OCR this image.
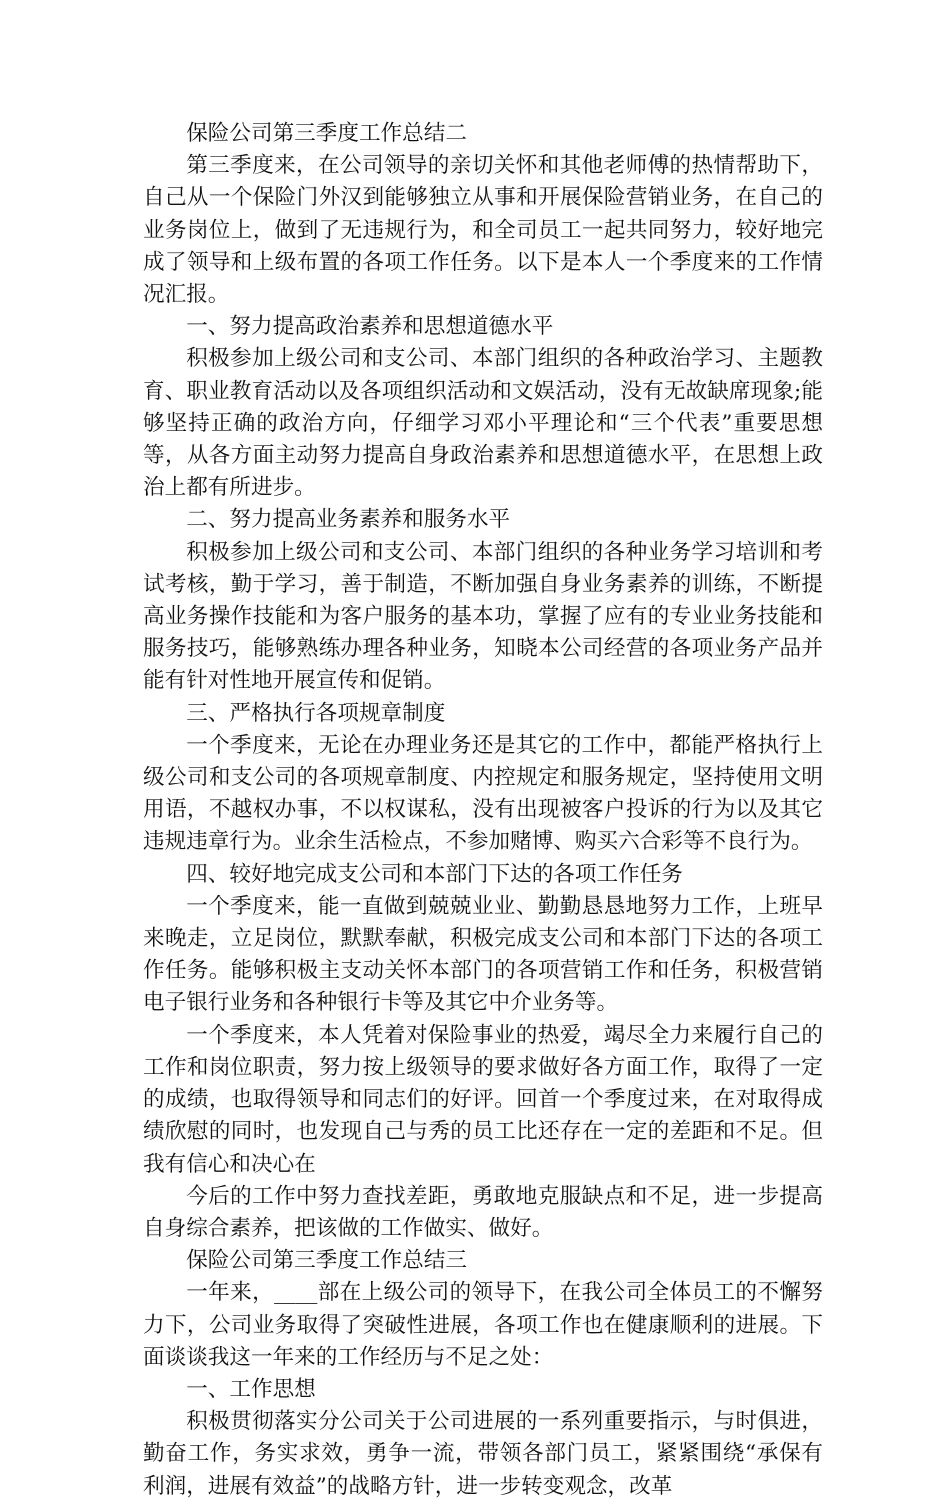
保险公司第三季度工作总结二

第三季度来，在公司领导的亲切关怀和其他老师傅的热情帮助下，自己从一个保险门外汉到能够独立从事和开展保险营销业务，在自己的业务岗位上，做到了无违规行为，和全司员工一起共同努力，较好地完成了领导和上级布置的各项工作任务。以下是本人一个季度来的工作情况汇报。

一、努力提高政治素养和思想道德水平

积极参加上级公司和支公司、本部门组织的各种政治学习、主题教育、职业教育活动以及各项组织活动和文娱活动，没有无故缺席现象;能够坚持正确的政治方向，仔细学习邓小平理论和“三个代表”重要思想等，从各方面主动努力提高自身政治素养和思想道德水平，在思想上政治上都有所进步。

二、努力提高业务素养和服务水平

积极参加上级公司和支公司、本部门组织的各种业务学习培训和考试考核，勤于学习，善于制造，不断加强自身业务素养的训练，不断提高业务操作技能和为客户服务的基本功，掌握了应有的专业业务技能和服务技巧，能够熟练办理各种业务，知晓本公司经营的各项业务产品并能有针对性地开展宣传和促销。

三、严格执行各项规章制度

一个季度来，无论在办理业务还是其它的工作中，都能严格执行上级公司和支公司的各项规章制度、内控规定和服务规定，坚持使用文明用语，不越权办事，不以权谋私，没有出现被客户投诉的行为以及其它违规违章行为。业余生活检点，不参加赌博、购买六合彩等不良行为。

四、较好地完成支公司和本部门下达的各项工作任务

一个季度来，能一直做到兢兢业业、勤勤恳恳地努力工作，上班早来晚走，立足岗位，默默奉献，积极完成支公司和本部门下达的各项工作任务。能够积极主支动关怀本部门的各项营销工作和任务，积极营销电子银行业务和各种银行卡等及其它中介业务等。

一个季度来，本人凭着对保险事业的热爱，竭尽全力来履行自己的工作和岗位职责，努力按上级领导的要求做好各方面工作，取得了一定的成绩，也取得领导和同志们的好评。回首一个季度过来，在对取得成绩欣慰的同时，也发现自己与秀的员工比还存在一定的差距和不足。但我有信心和决心在

今后的工作中努力查找差距，勇敢地克服缺点和不足，进一步提高自身综合素养，把该做的工作做实、做好。

保险公司第三季度工作总结三

一年来，____部在上级公司的领导下，在我公司全体员工的不懈努力下，公司业务取得了突破性进展，各项工作也在健康顺利的进展。下面谈谈我这一年来的工作经历与不足之处：

一、工作思想

积极贯彻落实分公司关于公司进展的一系列重要指示，与时俱进，勤奋工作，务实求效，勇争一流，带领各部门员工，紧紧围绕“承保有利润，进展有效益”的战略方针，进一步转变观念，改革
